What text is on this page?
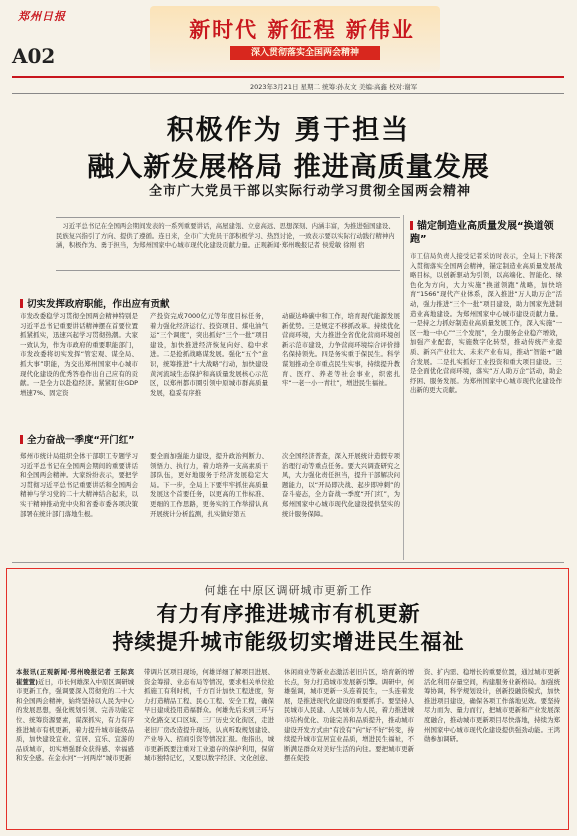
郑州日报
A02
新时代 新征程 新伟业
深入贯彻落实全国两会精神
2023年3月21日 星期二 统筹:孙友文 美编:高鑫 校对:谢军
积极作为 勇于担当
融入新发展格局 推进高质量发展
全市广大党员干部以实际行动学习贯彻全国两会精神
习近平总书记在全国两会期间发表的一系列重要讲话，高屋建瓴、立意高远、思想深刻、内涵丰富，为推进强国建设、民族复兴指引了方向、提供了遵循。连日来，全市广大党员干部积极学习、热烈讨论，一致表示要以实际行动践行精神内涵，积极作为、勇于担当，为郑州国家中心城市现代化建设贡献力量。正观新闻·郑州晚报记者 侯爱敏 徐刚 宿
切实发挥政府职能，作出应有贡献
市发改委稳学习贯彻全国两会精神特别是习近平总书记重要讲话精神摆在首要位置抓紧抓实，迅速兴起学习贯彻热潮。大家一致认为，作为市政府的重要职能部门，市发改委将切实发挥“管宏观、谋全局、抓大事”职能，为交出郑州国家中心城市现代化建设的优秀答卷作出自己应有的贡献。一是全力以赴稳经济。紧紧盯住GDP增速7%、固定资
产投资完成7000亿元等年度目标任务，着力强化经济运行、投资项目、煤电油气运“三个调度”，突出抓好“三个一批”项目建设，加快推进经济恢复向好、稳中求进。二是抢抓战略谋发展。强化“五个”意识，统筹推进“十大战略”行动，加快建设黄河流域生态保护和高质量发展核心示范区，以郑州都市圈引领中原城市群高质量发展，稳妥有序推
动碳达峰碳中和工作，培育现代能源发展新优势。三是规定不移抓改革。持续优化营商环境，大力推进全省优化营商环境创新示范市建设，力争营商环境综合评价排名保持领先。四是务实重于保民生。科学谋划推动全市重点民生实事，持续提升教育、医疗、养老等社会事业，织密扎牢“一老一小一青壮”，增进民生福祉。
全力奋战一季度“开门红”
郑州市统计局组织全体干部职工专题学习习近平总书记在全国两会期间的重要讲话和全国两会精神。大家纷纷表示，要把学习贯彻习近平总书记重要讲话和全国两会精神与学习党的二十大精神结合起来，以实干精神推动党中央和省委市委各项决策部署在统计部门落地生根。
要全面加强能力建设，提升政治判断力、领悟力、执行力，着力培养一支高素质干部队伍，更好地服务于经济发展稳定大局。下一步，全局上下要牢牢抓住高质量发展这个首要任务，以更高的工作标准、更细的工作思路，更务实的工作举措认真开展统计分析监测，扎实做好第五
次全国经济普查，深入开展统计造假专项治理行动等重点任务。要大兴调查研究之风，大力强化责任担当，提升干部解决问题能力，以“开局即决战、起步即冲刺”的奋斗姿态，全力奋战一季度“开门红”，为郑州国家中心城市现代化建设提供坚实的统计服务保障。
锚定制造业高质量发展“换道领跑”
市工信局负责人接受记者采访时表示，全局上下将深入贯彻落实全国两会精神，锚定制造业高质量发展战略目标，以创新驱动为引领，以高端化、智能化、绿色化为方向，大力实施“换道领跑”战略，加快培育“1566”现代产业体系，深入推进“万人助万企”活动，强力推进“三个一批”项目建设，助力国家先进制造业高地建设。为郑州国家中心城市建设贡献力量。一是持之力抓好制造业高质量发展工作，深入实施“一区一地一中心”“三个发展”，全力服务企业稳产增效，加强产业配套，实施数字化转型，推动传统产业提质、新兴产业壮大、未来产业布局，推动“智能+”融合发展。二是扎实抓好工业投资和重大项目建设。三是全面优化营商环境，落实“万人助万企”活动，助企纾困、服务发展。为郑州国家中心城市现代化建设作出新的更大贡献。
何雄在中原区调研城市更新工作
有力有序推进城市有机更新
持续提升城市能级切实增进民生福祉
本报讯(正观新闻·郑州晚报记者 王际宾 崔萱萱)近日，市长何雄深入中原区调研城市更新工作，强调要深入贯彻党的二十大和全国两会精神，始终坚持以人民为中心的发展思想，强化规划引领、完善功能定位、统筹资源要素，谋深抓实，有力有序推进城市有机更新，着力提升城市能级品质，加快建设宜业、宜居、宜乐、宜游的品质城市，切实增强群众获得感、幸福感和安全感。在金水河“一河两岸”城市更新
带调片区项目现场，何雄详细了解项目进展、资金筹措、业态布局等情况，要求相关单位抢抓施工有利时机，千方百计加快工程进度，努力打造精品工程、民心工程、安全工程，确保早日建成投用造福群众。何雄先后来到三环与文化路交叉口区域、三厂历史文化街区，走进老旧厂房改造提升现场，认真听取规划建设、产业导入、招商引资等情况汇报。他指出，城市更新既要注重对工业遗存的保护利用，保留城市独特记忆，又要以数字经济、文化创意、
休闲商业等新业态激活老旧片区，培育新的增长点，努力打造城市发展新引擎。调研中，何雄强调，城市更新一头连着民生，一头连着发展，是推进现代化建设的重要抓手。要坚持人民城市人民建、人民城市为人民，着力推进城市结构优化、功能完善和品质提升，推动城市建设开发方式由“有没有”向“好不好”转变，持续提升城市宜居宜业品质，增进民生福祉，不断满足群众对美好生活的向往。要把城市更新摆在促投
资、扩内需、稳增长的重要位置，通过城市更新活化利用存量空间，构建服务业新格局。加强统筹协调，科学规划设计，创新投融资模式，加快推进项目建设，确保各项工作落地见效。要坚持尽力而为、量力而行，把城市更新和产业发展深度融合，推动城市更新项目尽快落地，持续为郑州国家中心城市现代化建设提供强劲动能。王鸿勋参加调研。
